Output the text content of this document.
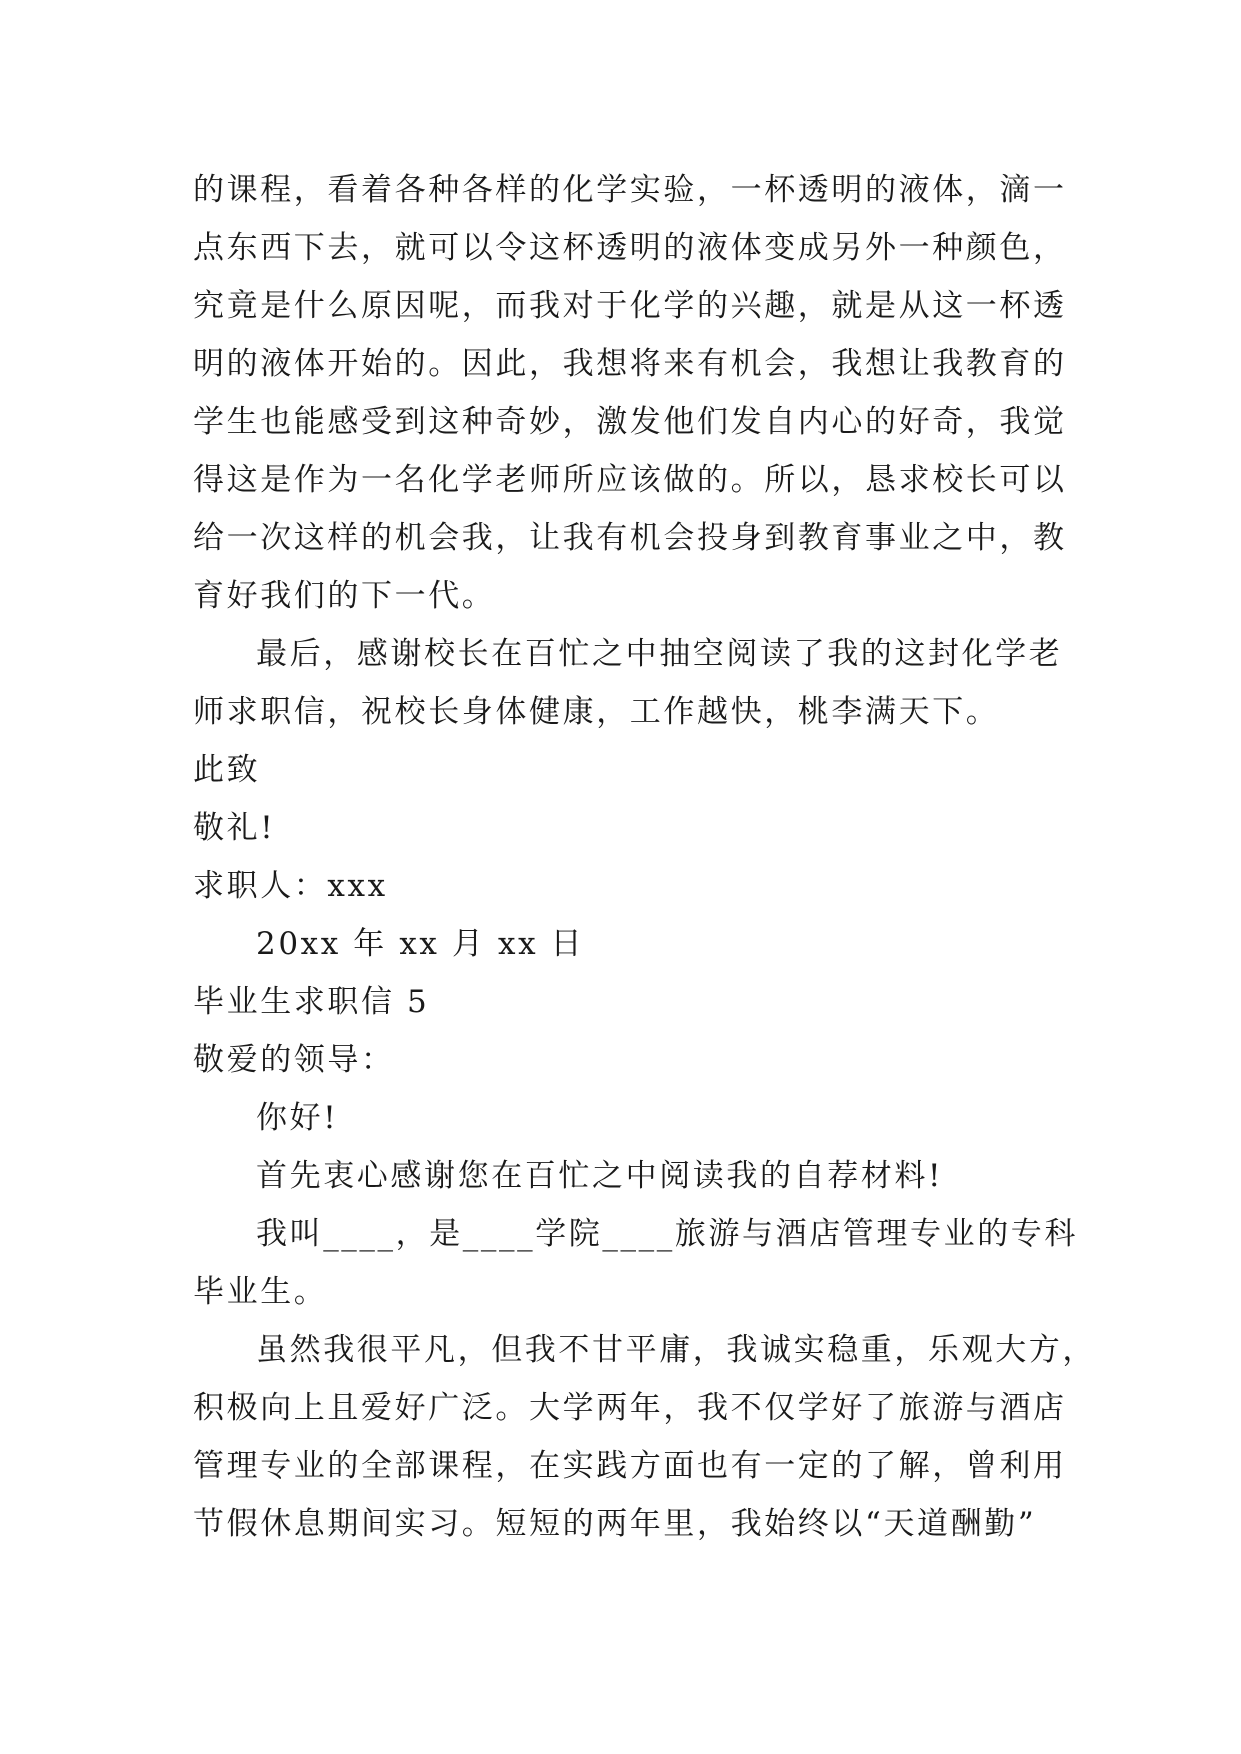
的课程，看着各种各样的化学实验，一杯透明的液体，滴一
点东西下去，就可以令这杯透明的液体变成另外一种颜色，
究竟是什么原因呢，而我对于化学的兴趣，就是从这一杯透
明的液体开始的。因此，我想将来有机会，我想让我教育的
学生也能感受到这种奇妙，激发他们发自内心的好奇，我觉
得这是作为一名化学老师所应该做的。所以，恳求校长可以
给一次这样的机会我，让我有机会投身到教育事业之中，教
育好我们的下一代。
最后，感谢校长在百忙之中抽空阅读了我的这封化学老
师求职信，祝校长身体健康，工作越快，桃李满天下。
此致
敬礼!
求职人：xxx
20xx 年 xx 月 xx 日
毕业生求职信 5
敬爱的领导：
你好!
首先衷心感谢您在百忙之中阅读我的自荐材料!
我叫____，是____学院____旅游与酒店管理专业的专科
毕业生。
虽然我很平凡，但我不甘平庸，我诚实稳重，乐观大方，
积极向上且爱好广泛。大学两年，我不仅学好了旅游与酒店
管理专业的全部课程，在实践方面也有一定的了解，曾利用
节假休息期间实习。短短的两年里，我始终以“天道酬勤”
